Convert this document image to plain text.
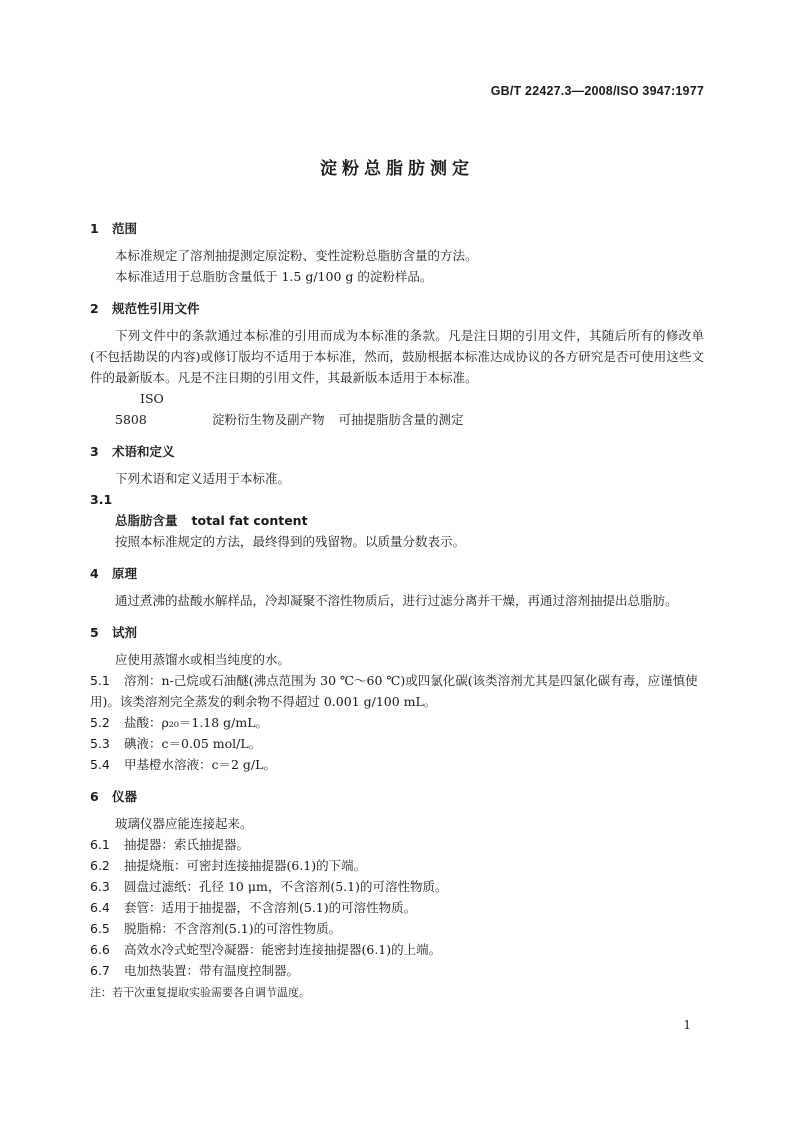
GB/T 22427.3—2008/ISO 3947:1977
淀粉总脂肪测定
1 范围
本标准规定了溶剂抽提测定原淀粉、变性淀粉总脂肪含量的方法。
本标准适用于总脂肪含量低于 1.5 g/100 g 的淀粉样品。
2 规范性引用文件
下列文件中的条款通过本标准的引用而成为本标准的条款。凡是注日期的引用文件，其随后所有的修改单(不包括勘误的内容)或修订版均不适用于本标准，然而，鼓励根据本标准达成协议的各方研究是否可使用这些文件的最新版本。凡是不注日期的引用文件，其最新版本适用于本标准。
ISO 5808	淀粉衍生物及副产物 可抽提脂肪含量的测定
3 术语和定义
下列术语和定义适用于本标准。
3.1
总脂肪含量 total fat content
按照本标准规定的方法，最终得到的残留物。以质量分数表示。
4 原理
通过煮沸的盐酸水解样品，冷却凝聚不溶性物质后，进行过滤分离并干燥，再通过溶剂抽提出总脂肪。
5 试剂
应使用蒸馏水或相当纯度的水。
5.1 溶剂：n-己烷或石油醚(沸点范围为 30 ℃～60 ℃)或四氯化碳(该类溶剂尤其是四氯化碳有毒，应谨慎使用)。该类溶剂完全蒸发的剩余物不得超过 0.001 g/100 mL。
5.2 盐酸：ρ₂₀＝1.18 g/mL。
5.3 碘液：c＝0.05 mol/L。
5.4 甲基橙水溶液：c＝2 g/L。
6 仪器
玻璃仪器应能连接起来。
6.1 抽提器：索氏抽提器。
6.2 抽提烧瓶：可密封连接抽提器(6.1)的下端。
6.3 圆盘过滤纸：孔径 10 μm，不含溶剂(5.1)的可溶性物质。
6.4 套管：适用于抽提器，不含溶剂(5.1)的可溶性物质。
6.5 脱脂棉：不含溶剂(5.1)的可溶性物质。
6.6 高效水冷式蛇型冷凝器：能密封连接抽提器(6.1)的上端。
6.7 电加热装置：带有温度控制器。
注：若干次重复提取实验需要各自调节温度。
1
